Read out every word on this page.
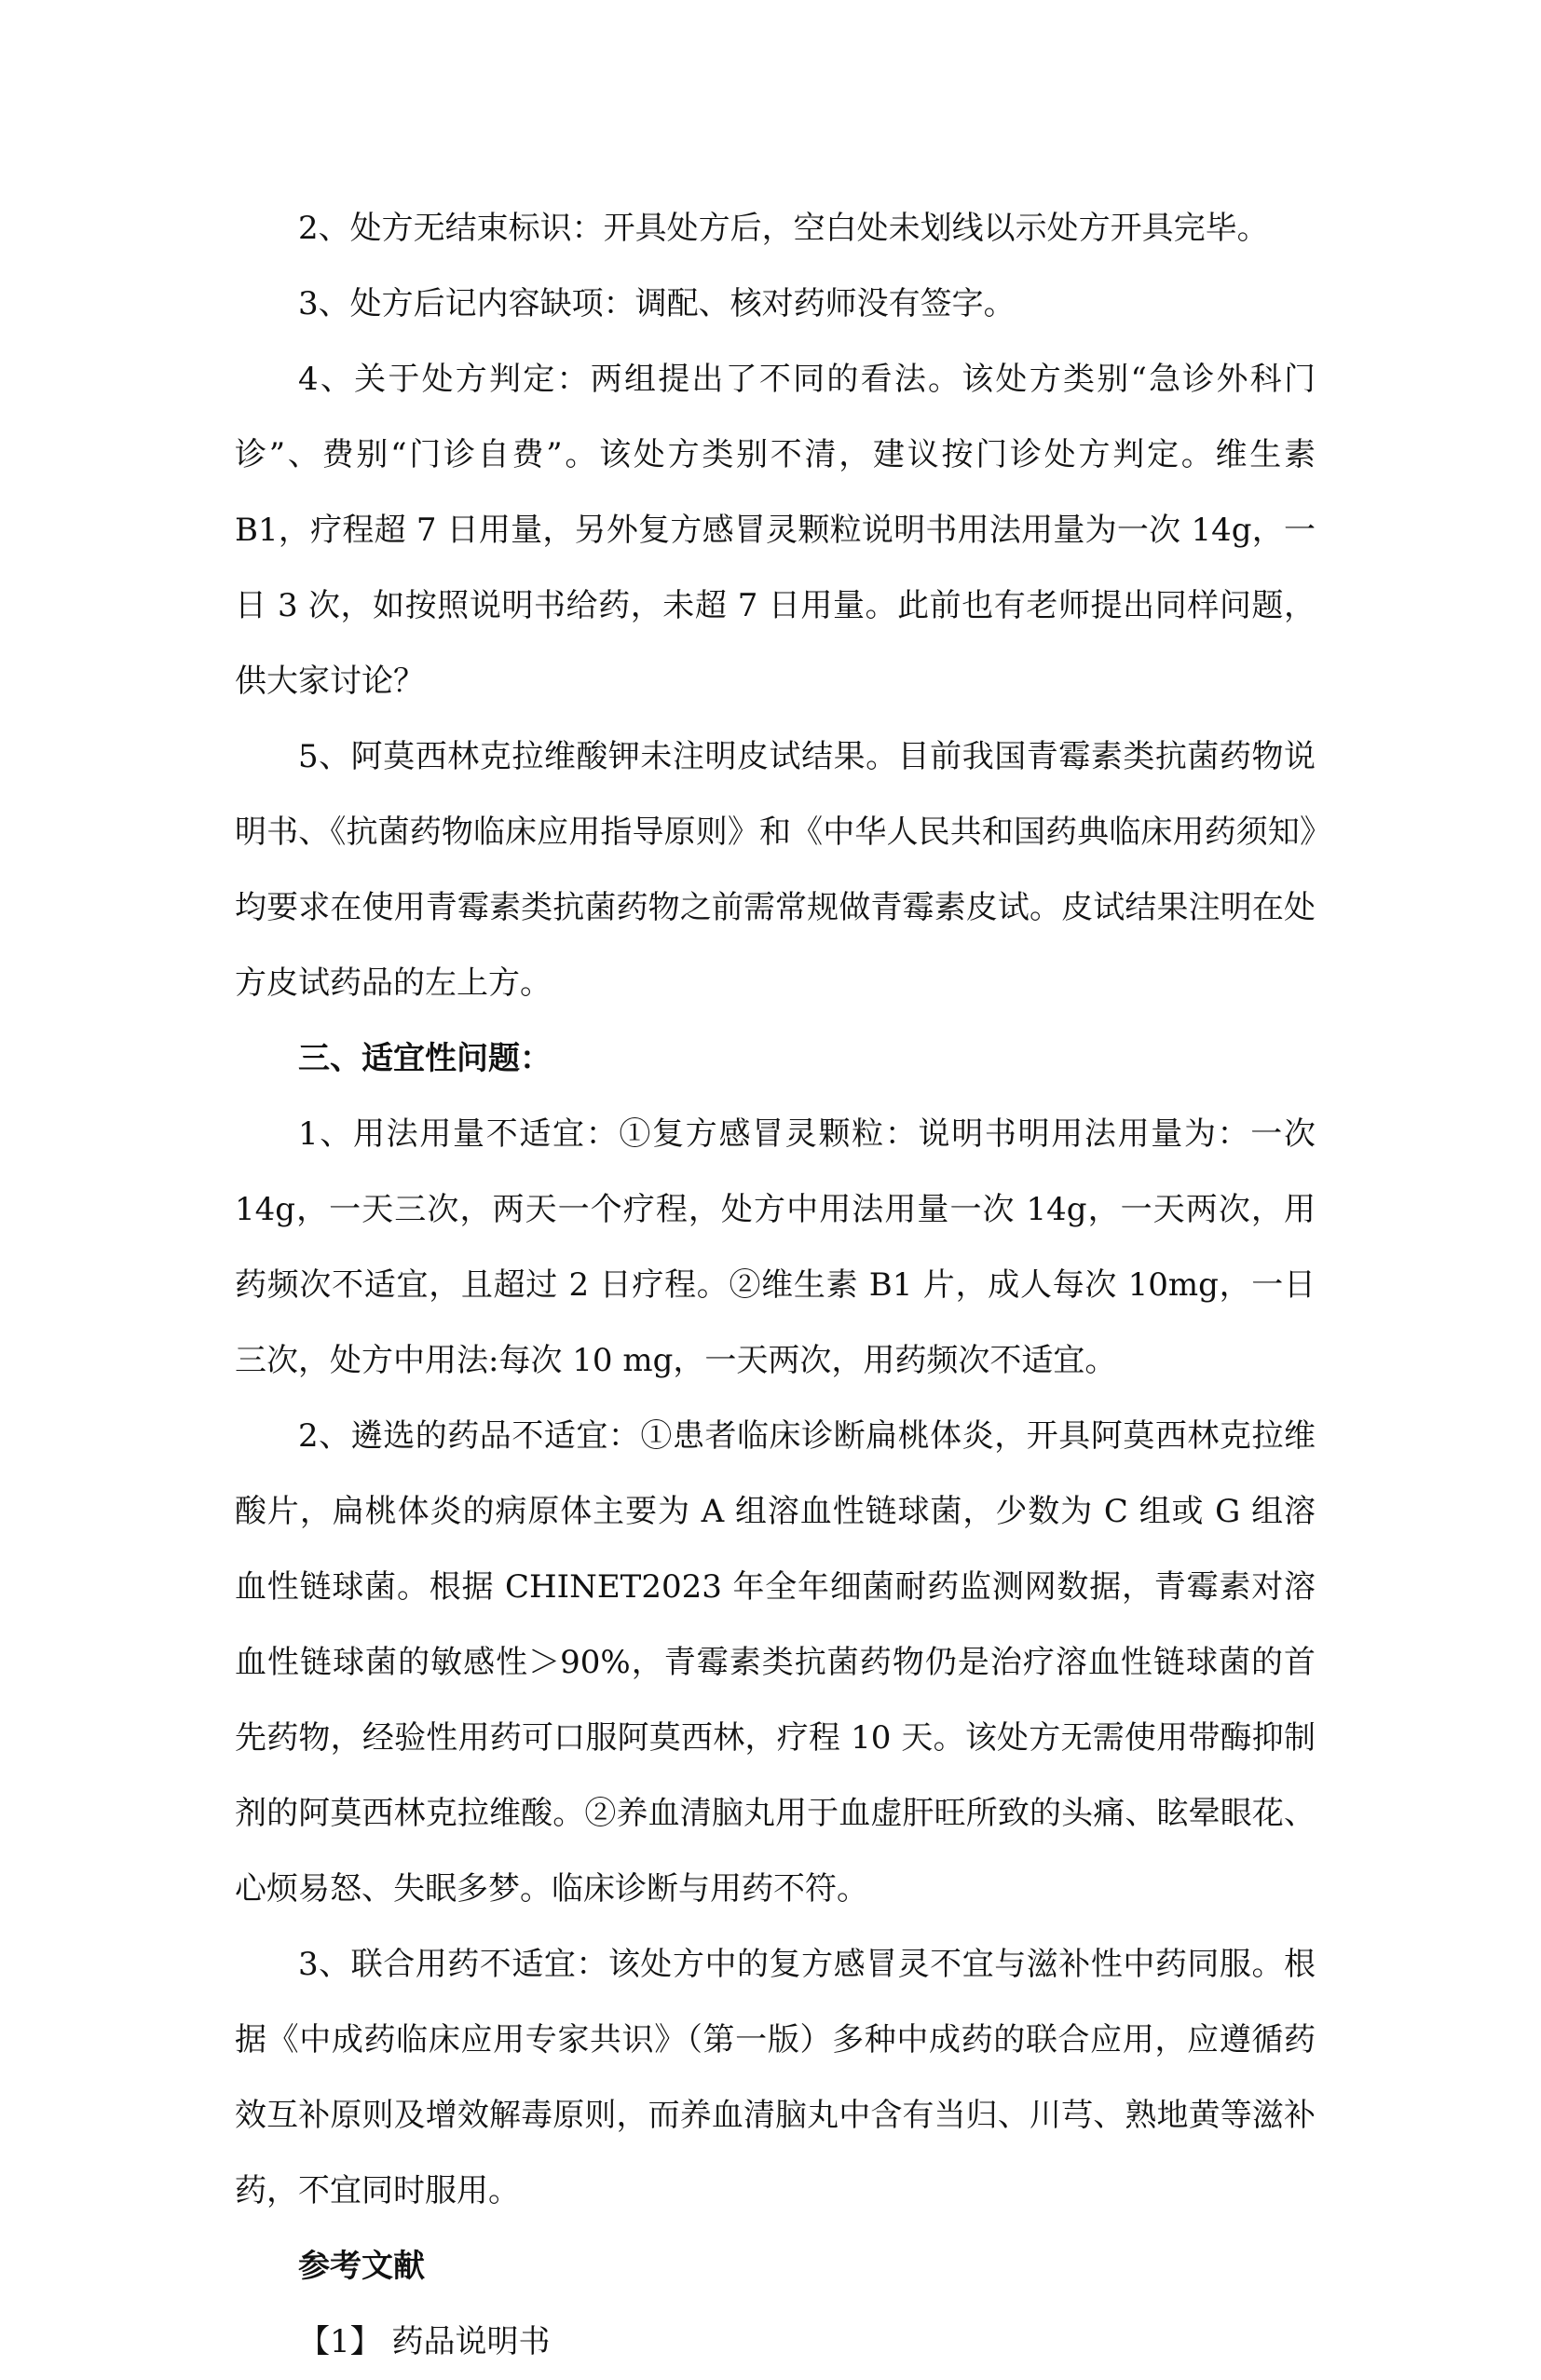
2、处方无结束标识：开具处方后，空白处未划线以示处方开具完毕。

3、处方后记内容缺项：调配、核对药师没有签字。

4、关于处方判定：两组提出了不同的看法。该处方类别“急诊外科门诊”、费别“门诊自费”。该处方类别不清，建议按门诊处方判定。维生素 B1，疗程超 7 日用量，另外复方感冒灵颗粒说明书用法用量为一次 14g，一日 3 次，如按照说明书给药，未超 7 日用量。此前也有老师提出同样问题，供大家讨论？

5、阿莫西林克拉维酸钾未注明皮试结果。目前我国青霉素类抗菌药物说明书、《抗菌药物临床应用指导原则》和《中华人民共和国药典临床用药须知》均要求在使用青霉素类抗菌药物之前需常规做青霉素皮试。皮试结果注明在处方皮试药品的左上方。

三、适宜性问题：

1、用法用量不适宜：①复方感冒灵颗粒：说明书明用法用量为：一次 14g，一天三次，两天一个疗程，处方中用法用量一次 14g，一天两次，用药频次不适宜，且超过 2 日疗程。②维生素 B1 片，成人每次 10mg，一日三次，处方中用法:每次 10 mg，一天两次，用药频次不适宜。

2、遴选的药品不适宜：①患者临床诊断扁桃体炎，开具阿莫西林克拉维酸片，扁桃体炎的病原体主要为 A 组溶血性链球菌，少数为 C 组或 G 组溶血性链球菌。根据 CHINET2023 年全年细菌耐药监测网数据，青霉素对溶血性链球菌的敏感性＞90%，青霉素类抗菌药物仍是治疗溶血性链球菌的首先药物，经验性用药可口服阿莫西林，疗程 10 天。该处方无需使用带酶抑制剂的阿莫西林克拉维酸。②养血清脑丸用于血虚肝旺所致的头痛、眩晕眼花、心烦易怒、失眠多梦。临床诊断与用药不符。

3、联合用药不适宜：该处方中的复方感冒灵不宜与滋补性中药同服。根据《中成药临床应用专家共识》（第一版）多种中成药的联合应用，应遵循药效互补原则及增效解毒原则，而养血清脑丸中含有当归、川芎、熟地黄等滋补药，不宜同时服用。

参考文献

【1】 药品说明书
